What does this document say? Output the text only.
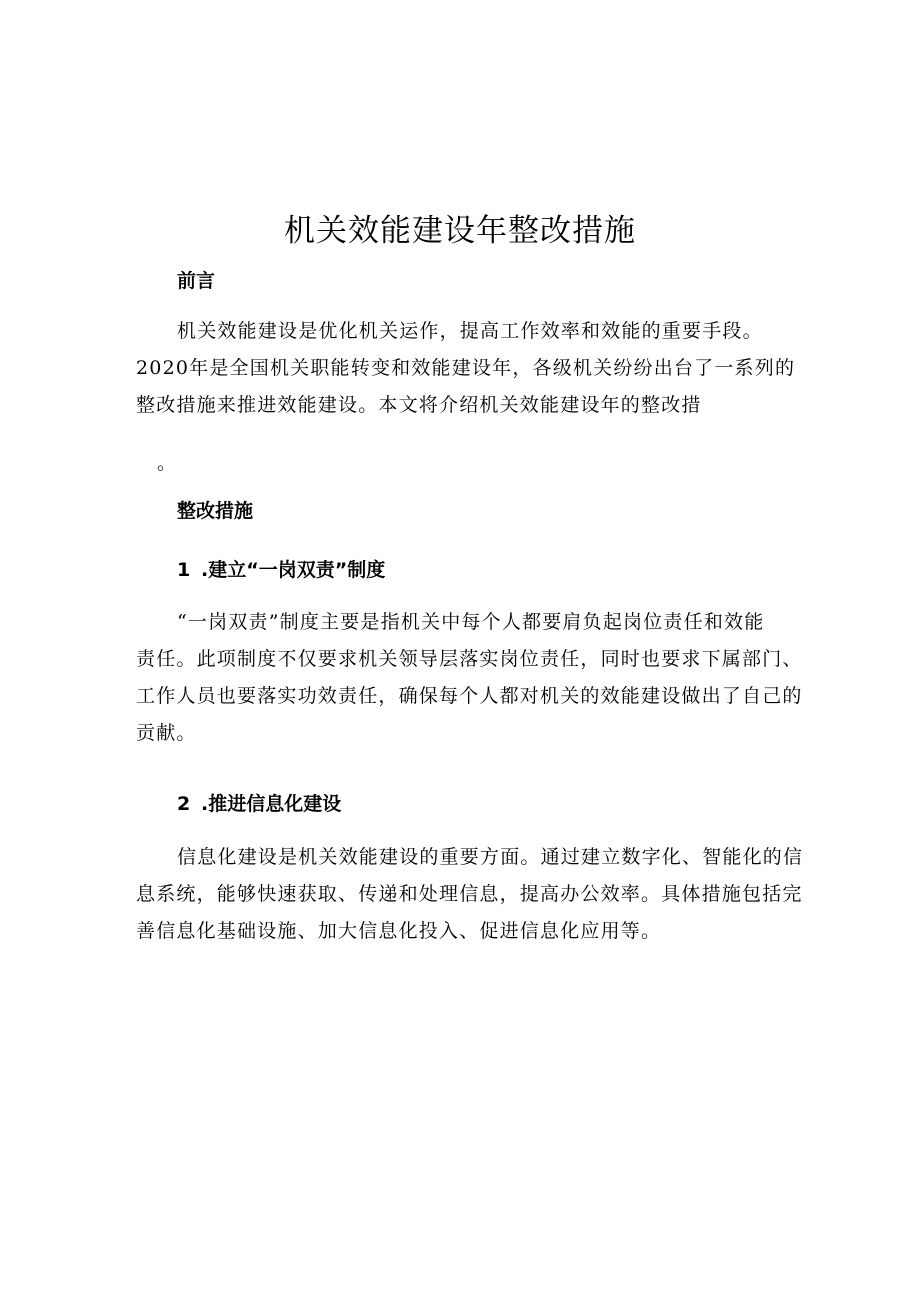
机关效能建设年整改措施
前言
机关效能建设是优化机关运作，提高工作效率和效能的重要手段。
2020年是全国机关职能转变和效能建设年，各级机关纷纷出台了一系列的
整改措施来推进效能建设。本文将介绍机关效能建设年的整改措
。
整改措施
1 .建立“一岗双责”制度
“一岗双责”制度主要是指机关中每个人都要肩负起岗位责任和效能
责任。此项制度不仅要求机关领导层落实岗位责任，同时也要求下属部门、
工作人员也要落实功效责任，确保每个人都对机关的效能建设做出了自己的
贡献。
2 .推进信息化建设
信息化建设是机关效能建设的重要方面。通过建立数字化、智能化的信
息系统，能够快速获取、传递和处理信息，提高办公效率。具体措施包括完
善信息化基础设施、加大信息化投入、促进信息化应用等。
